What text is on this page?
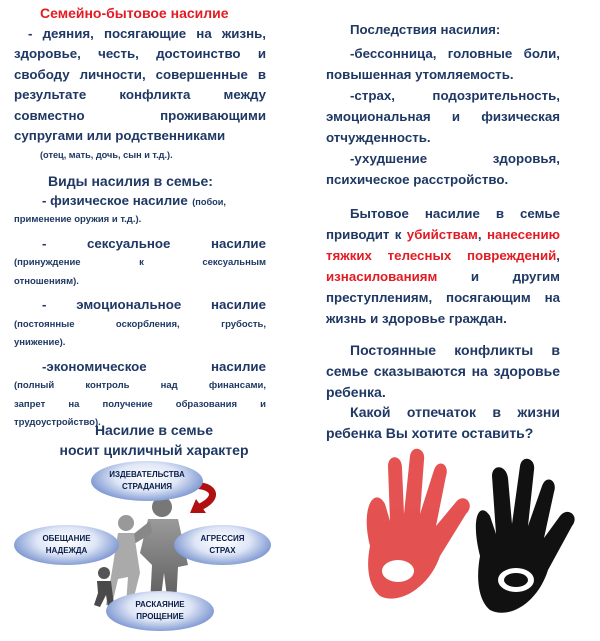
Семейно-бытовое насилие
- деяния, посягающие на жизнь,
здоровье, честь, достоинство и
свободу личности, совершенные в
результате конфликта между
совместно проживающими
супругами или родственниками
(отец, мать, дочь, сын и т.д.).
Виды насилия в семье:
- физическое насилие (побои,
применение оружия и т.д.).
- сексуальное насилие
(принуждение к сексуальным
отношениям).
- эмоциональное насилие
(постоянные оскорбления, грубость,
унижение).
-экономическое насилие
(полный контроль над финансами,
запрет на получение образования и
трудоустройство).
Насилие в семье
носит цикличный характер
ИЗДЕВАТЕЛЬСТВА
СТРАДАНИЯ
ОБЕЩАНИЕ
НАДЕЖДА
АГРЕССИЯ
СТРАХ
РАСКАЯНИЕ
ПРОЩЕНИЕ

Последствия насилия:

-бессонница, головные боли,

повышенная утомляемость.

-страх, подозрительность,

эмоциональная и физическая

отчужденность.

-ухудшение здоровья,

психическое расстройство.

Бытовое насилие в семье приводит к убийствам, нанесению тяжких телесных повреждений, изнасилованиям и другим преступлениям, посягающим на жизнь и здоровье граждан.

Постоянные конфликты в семье сказываются на здоровье ребенка.

Какой отпечаток в жизни ребенка Вы хотите оставить?
